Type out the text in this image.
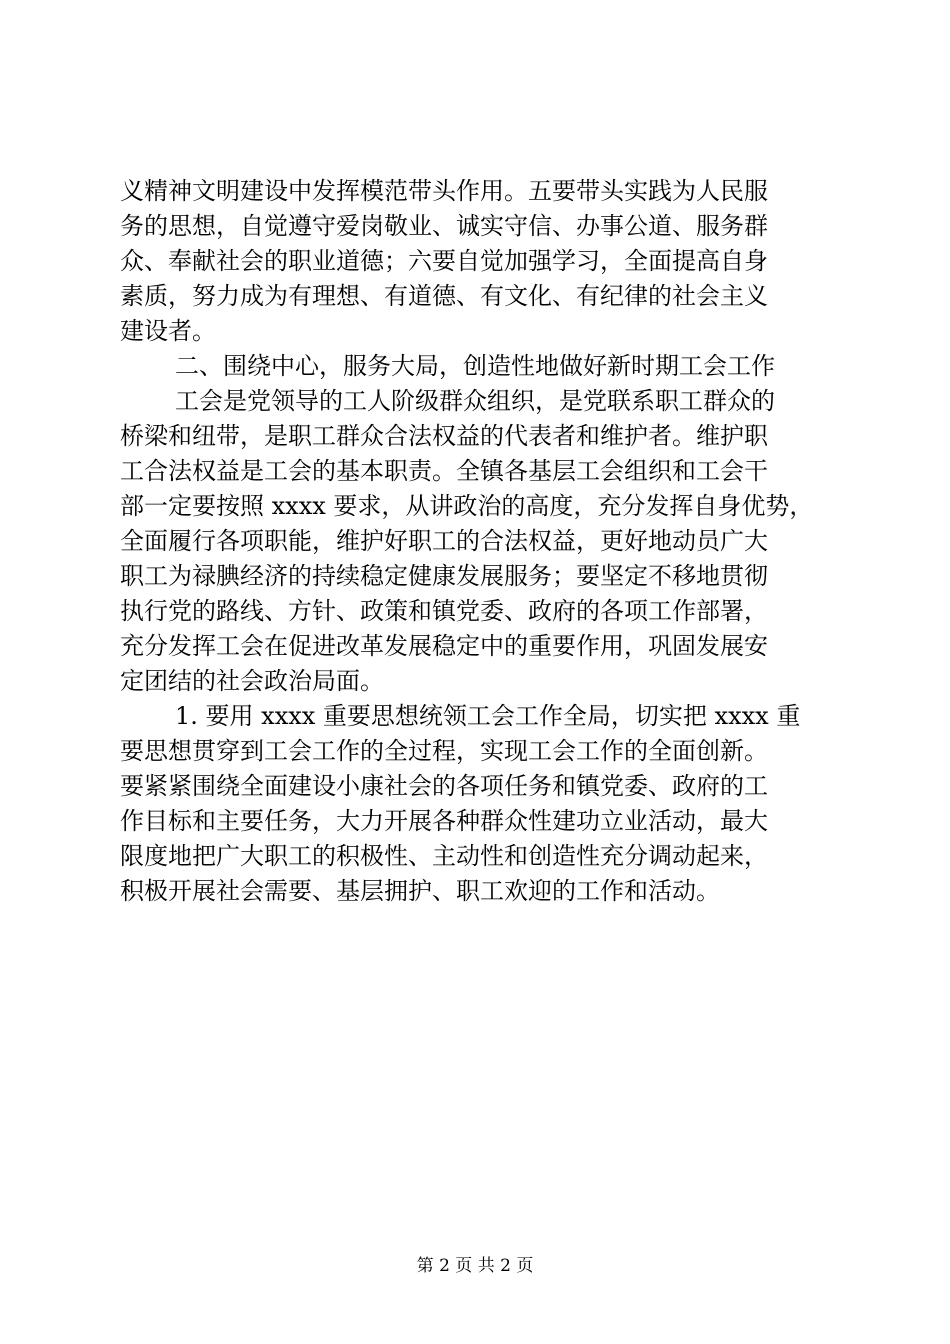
义精神文明建设中发挥模范带头作用。五要带头实践为人民服
务的思想，自觉遵守爱岗敬业、诚实守信、办事公道、服务群
众、奉献社会的职业道德；六要自觉加强学习，全面提高自身
素质，努力成为有理想、有道德、有文化、有纪律的社会主义
建设者。
二、围绕中心，服务大局，创造性地做好新时期工会工作
工会是党领导的工人阶级群众组织，是党联系职工群众的
桥梁和纽带，是职工群众合法权益的代表者和维护者。维护职
工合法权益是工会的基本职责。全镇各基层工会组织和工会干
部一定要按照 xxxx 要求，从讲政治的高度，充分发挥自身优势，
全面履行各项职能，维护好职工的合法权益，更好地动员广大
职工为禄腆经济的持续稳定健康发展服务；要坚定不移地贯彻
执行党的路线、方针、政策和镇党委、政府的各项工作部署，
充分发挥工会在促进改革发展稳定中的重要作用，巩固发展安
定团结的社会政治局面。
1. 要用 xxxx 重要思想统领工会工作全局，切实把 xxxx 重
要思想贯穿到工会工作的全过程，实现工会工作的全面创新。
要紧紧围绕全面建设小康社会的各项任务和镇党委、政府的工
作目标和主要任务，大力开展各种群众性建功立业活动，最大
限度地把广大职工的积极性、主动性和创造性充分调动起来，
积极开展社会需要、基层拥护、职工欢迎的工作和活动。
第 2 页 共 2 页
